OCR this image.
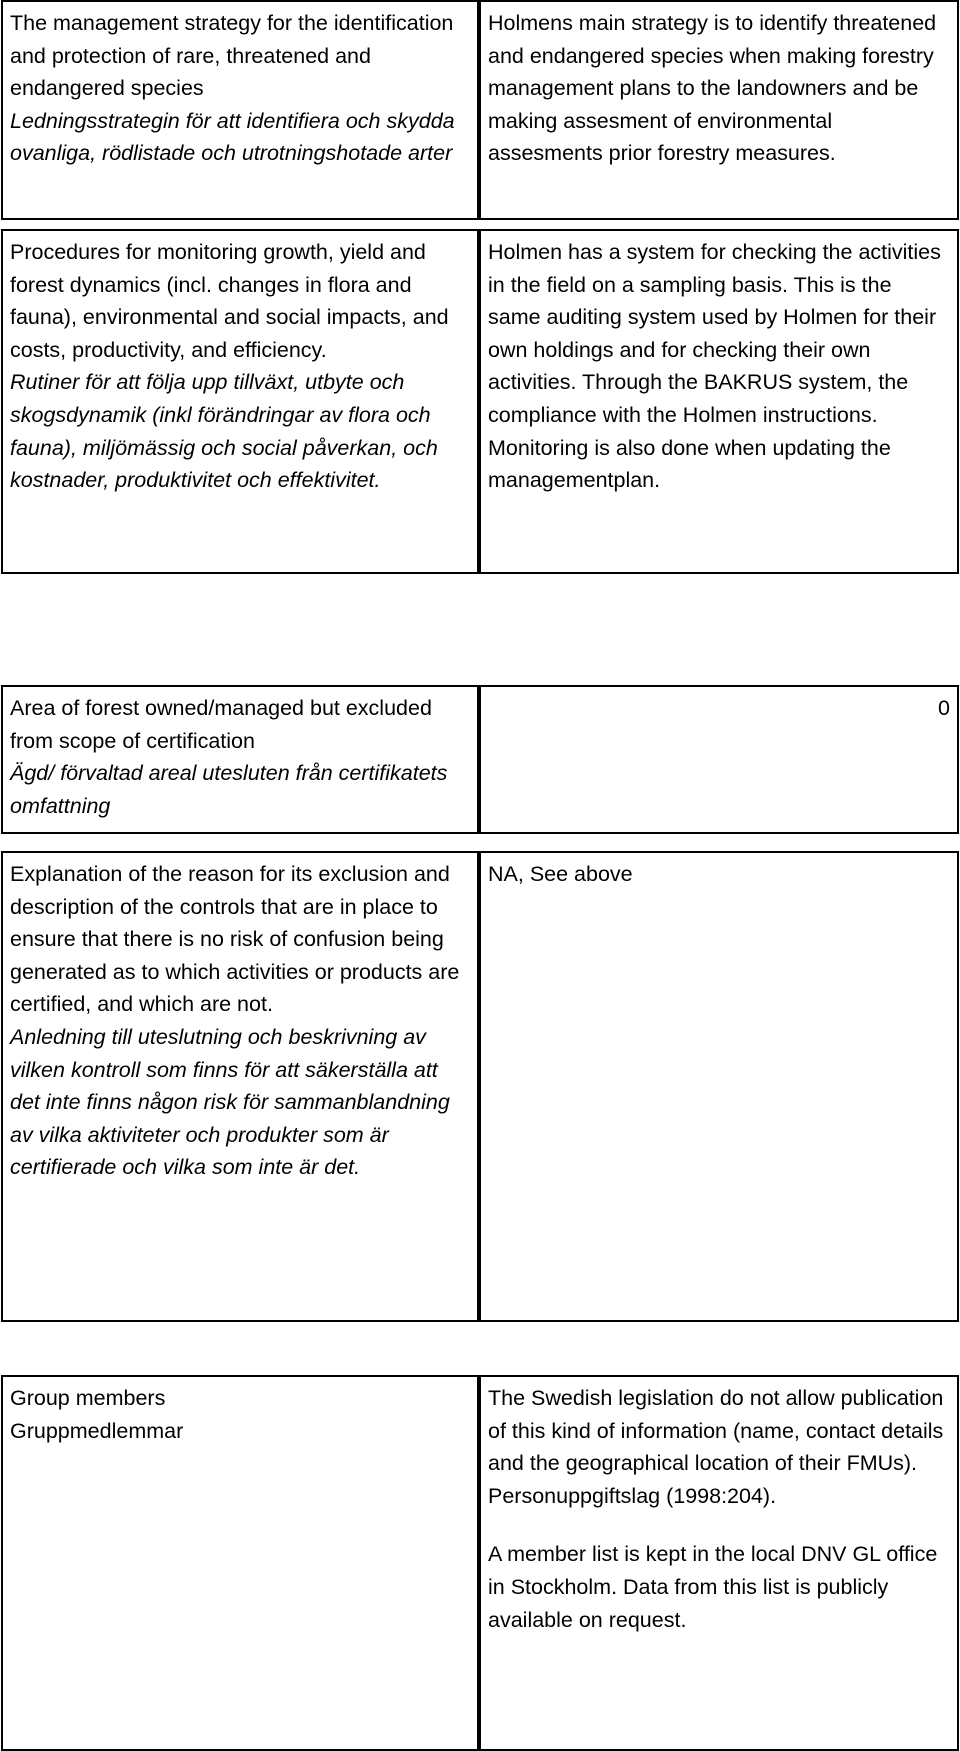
The management strategy for the identification and protection of rare, threatened and endangered species
Ledningsstrategin för att identifiera och skydda ovanliga, rödlistade och utrotningshotade arter
Holmens main strategy is to identify threatened and endangered species when making forestry management plans to the landowners and be making assesment of environmental assesments prior forestry measures.
Procedures for monitoring growth, yield and forest dynamics (incl. changes in flora and fauna), environmental and social impacts, and costs, productivity, and efficiency.
Rutiner för att följa upp tillväxt, utbyte och skogsdynamik (inkl förändringar av flora och fauna), miljömässig och social påverkan, och kostnader, produktivitet och effektivitet.
Holmen has a system for checking the activities in the field on a sampling basis. This is the same auditing system used by Holmen for their own holdings and for checking their own activities. Through the BAKRUS system, the compliance with the Holmen instructions. Monitoring is also done when updating the managementplan.
Area of forest owned/managed but excluded from scope of certification
Ägd/ förvaltad areal utesluten från certifikatets omfattning
0
Explanation of the reason for its exclusion and description of the controls that are in place to ensure that there is no risk of confusion being generated as to which activities or products are certified, and which are not.
Anledning till uteslutning och beskrivning av vilken kontroll som finns för att säkerställa att det inte finns någon risk för sammanblandning av vilka aktiviteter och produkter som är certifierade och vilka som inte är det.
NA, See above
Group members
Gruppmedlemmar
The Swedish legislation do not allow publication of this kind of information (name, contact details and the geographical location of their FMUs). Personuppgiftslag (1998:204).
A member list is kept in the local DNV GL office in Stockholm. Data from this list is publicly available on request.
